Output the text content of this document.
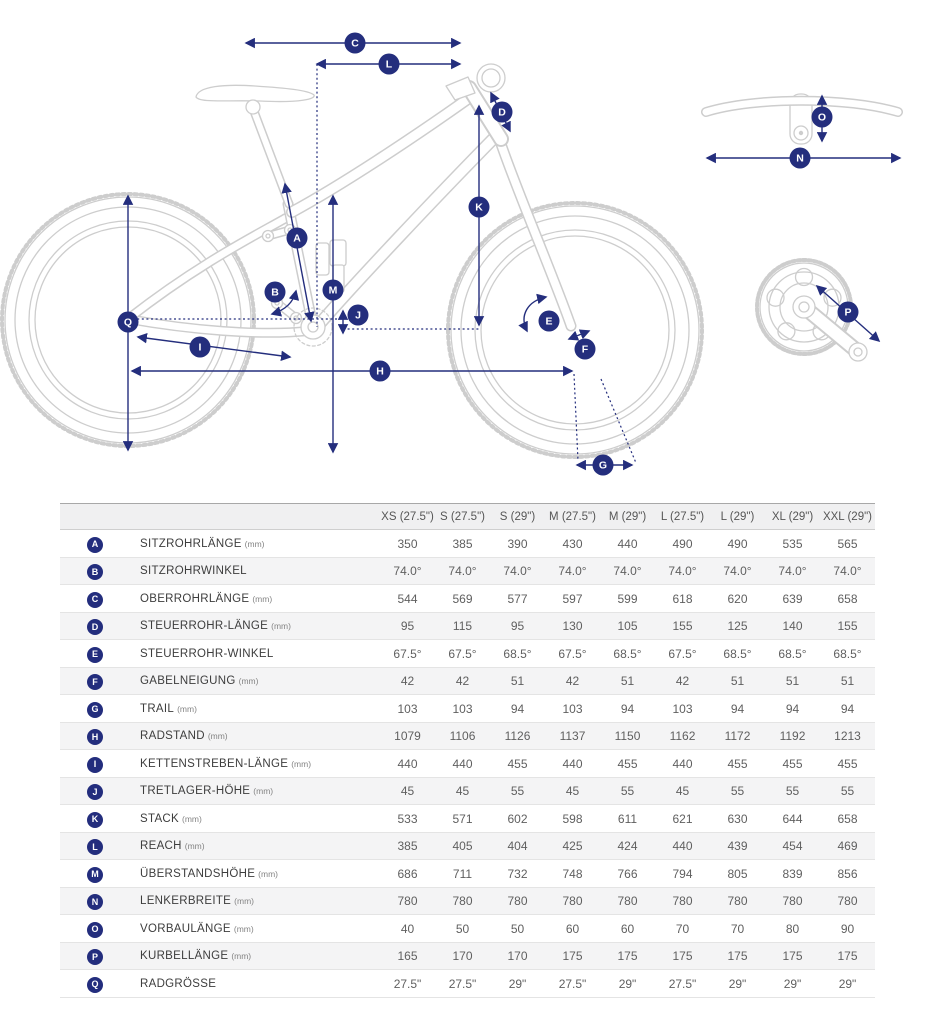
A
B
C
D
E
F
G
H
I
J
K
L
M
N
O
P
Q
		XS (27.5")	S (27.5")	S (29")	M (27.5")	M (29")	L (27.5")	L (29")	XL (29")	XXL (29")
A	SITZROHRLÄNGE (mm)	350	385	390	430	440	490	490	535	565
B	SITZROHRWINKEL	74.0°	74.0°	74.0°	74.0°	74.0°	74.0°	74.0°	74.0°	74.0°
C	OBERROHRLÄNGE (mm)	544	569	577	597	599	618	620	639	658
D	STEUERROHR-LÄNGE (mm)	95	115	95	130	105	155	125	140	155
E	STEUERROHR-WINKEL	67.5°	67.5°	68.5°	67.5°	68.5°	67.5°	68.5°	68.5°	68.5°
F	GABELNEIGUNG (mm)	42	42	51	42	51	42	51	51	51
G	TRAIL (mm)	103	103	94	103	94	103	94	94	94
H	RADSTAND (mm)	1079	1106	1126	1137	1150	1162	1172	1192	1213
I	KETTENSTREBEN-LÄNGE (mm)	440	440	455	440	455	440	455	455	455
J	TRETLAGER-HÖHE (mm)	45	45	55	45	55	45	55	55	55
K	STACK (mm)	533	571	602	598	611	621	630	644	658
L	REACH (mm)	385	405	404	425	424	440	439	454	469
M	ÜBERSTANDSHÖHE (mm)	686	711	732	748	766	794	805	839	856
N	LENKERBREITE (mm)	780	780	780	780	780	780	780	780	780
O	VORBAULÄNGE (mm)	40	50	50	60	60	70	70	80	90
P	KURBELLÄNGE (mm)	165	170	170	175	175	175	175	175	175
Q	RADGRÖSSE	27.5"	27.5"	29"	27.5"	29"	27.5"	29"	29"	29"
